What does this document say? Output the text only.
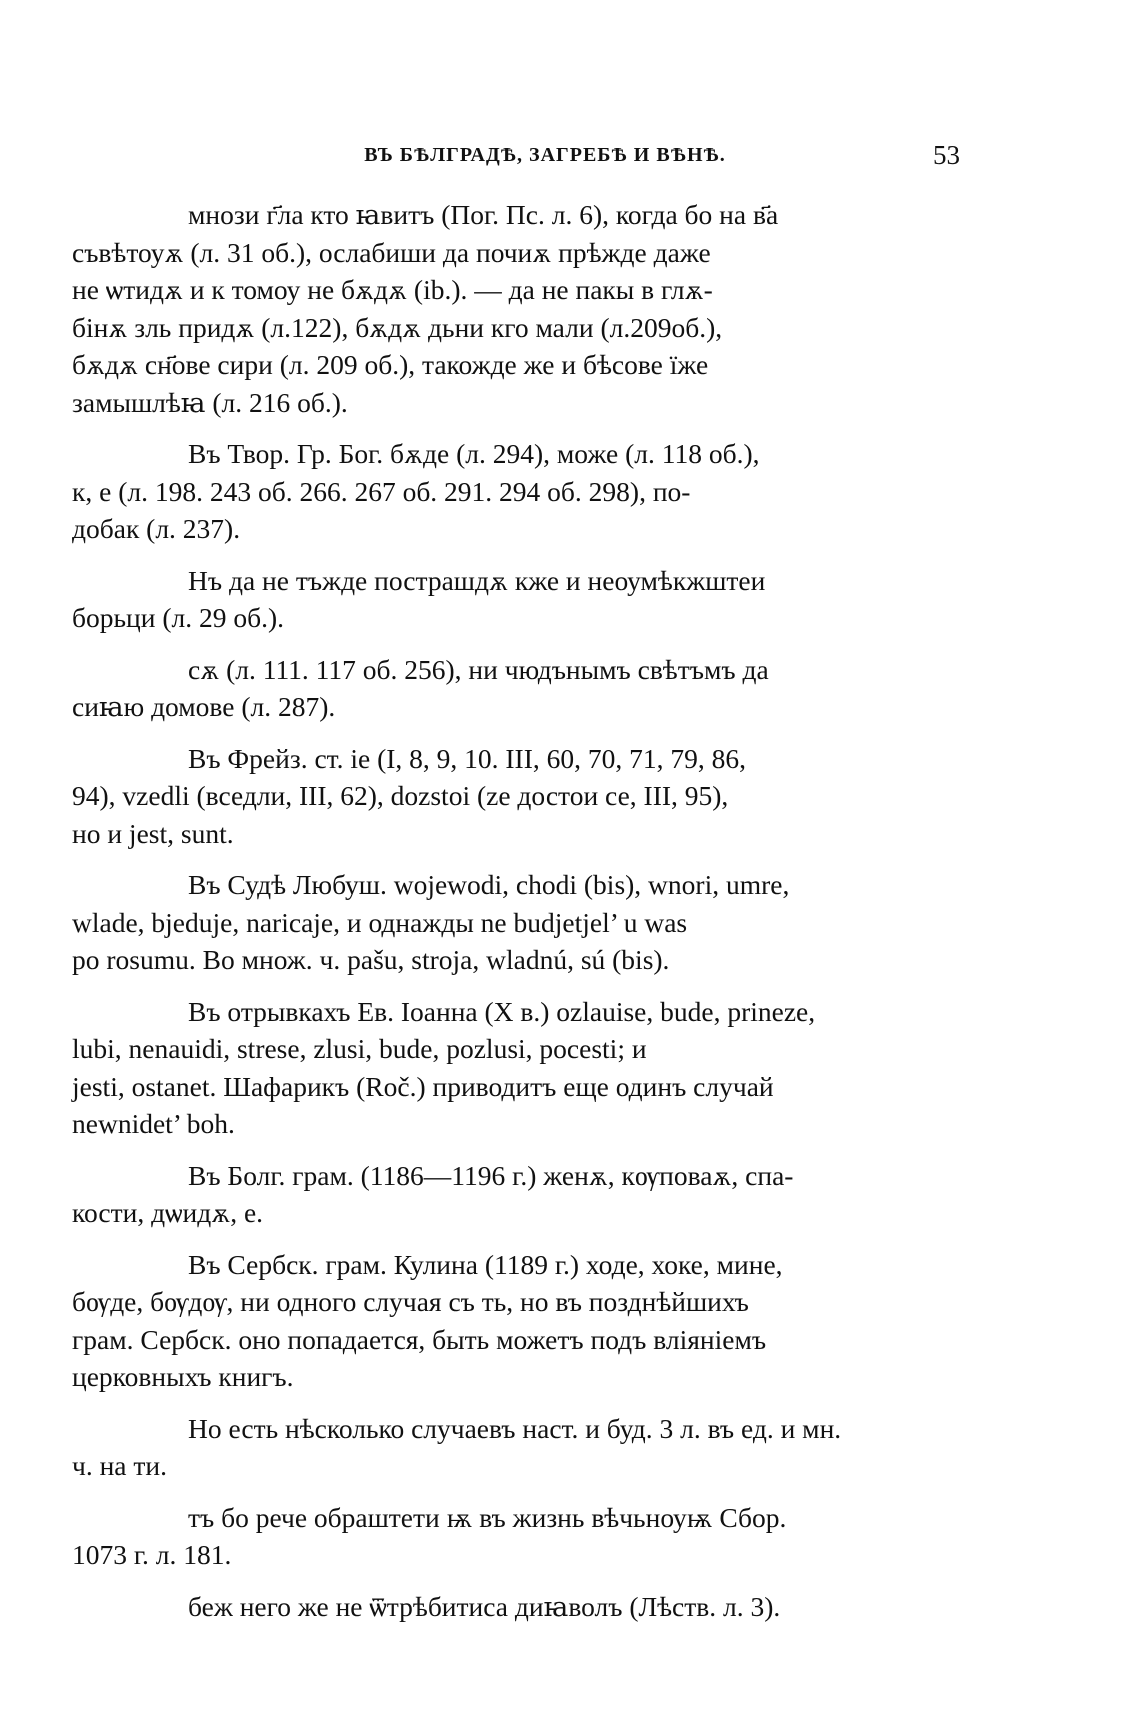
ВЪ БѢЛГРАДѢ, ЗАГРЕБѢ И ВѢНѢ.	53

мнози г҃ла кто ꙗвитъ (Пог. Пс. л. 6), когда бо на в҃а
съвѣтоуѫ (л. 31 об.), ослабиши да почиѫ прѣжде даже
не ѡтидѫ и к томоу не бѫдѫ (ib.). — да не пакы в глѫ-
бінѫ зль придѫ (л.122), бѫдѫ дьни кго мали (л.209об.),
бѫдѫ сн҃ове сири (л. 209 об.), такожде же и бѣсове ïже
замышлѣꙗ (л. 216 об.).

Въ Твор. Гр. Бог. бѫде (л. 294), може (л. 118 об.),
к, е (л. 198. 243 об. 266. 267 об. 291. 294 об. 298), по-
добак (л. 237).

Нъ да не тъжде пострашдѫ кже и неоумѣкжштеи
борьци (л. 29 об.).

сѫ (л. 111. 117 об. 256), ни чюдънымъ свѣтъмъ да
сиꙗю домове (л. 287).

Въ Фрейз. ст. ie (I, 8, 9, 10. III, 60, 70, 71, 79, 86,
94), vzedli (вседли, III, 62), dozstoi (ze достои се, III, 95),
но и jest, sunt.

Въ Судѣ Любуш. wojewodi, chodi (bis), wnori, umre,
wlade, bjeduje, naricaje, и однажды ne budjetjel’ u was
po rosumu. Во множ. ч. pašu, stroja, wladnú, sú (bis).

Въ отрывкахъ Ев. Іоанна (X в.) ozlauise, bude, prineze,
lubi, nenauidi, strese, zlusi, bude, pozlusi, pocesti; и
jesti, ostanet. Шафарикъ (Roč.) приводитъ еще одинъ случай
newnidet’ boh.

Въ Болг. грам. (1186—1196 г.) женѫ, кѹповаѫ, спа-
кости, дѡидѫ, е.

Въ Сербск. грам. Кулина (1189 г.) ходе, хоке, мине,
бѹде, бѹдѹ, ни одного случая съ ть, но въ позднѣйшихъ
грам. Сербск. оно попадается, быть можетъ подъ вліяніемъ
церковныхъ книгъ.

Но есть нѣсколько случаевъ наст. и буд. 3 л. въ ед. и мн.
ч. на ти.

тъ бо рече обраштети ѭ въ жизнь вѣчьноуѭ Сбор.
1073 г. л. 181.

беж него же не ѿтрѣбитиса диꙗволъ (Лѣств. л. 3).
